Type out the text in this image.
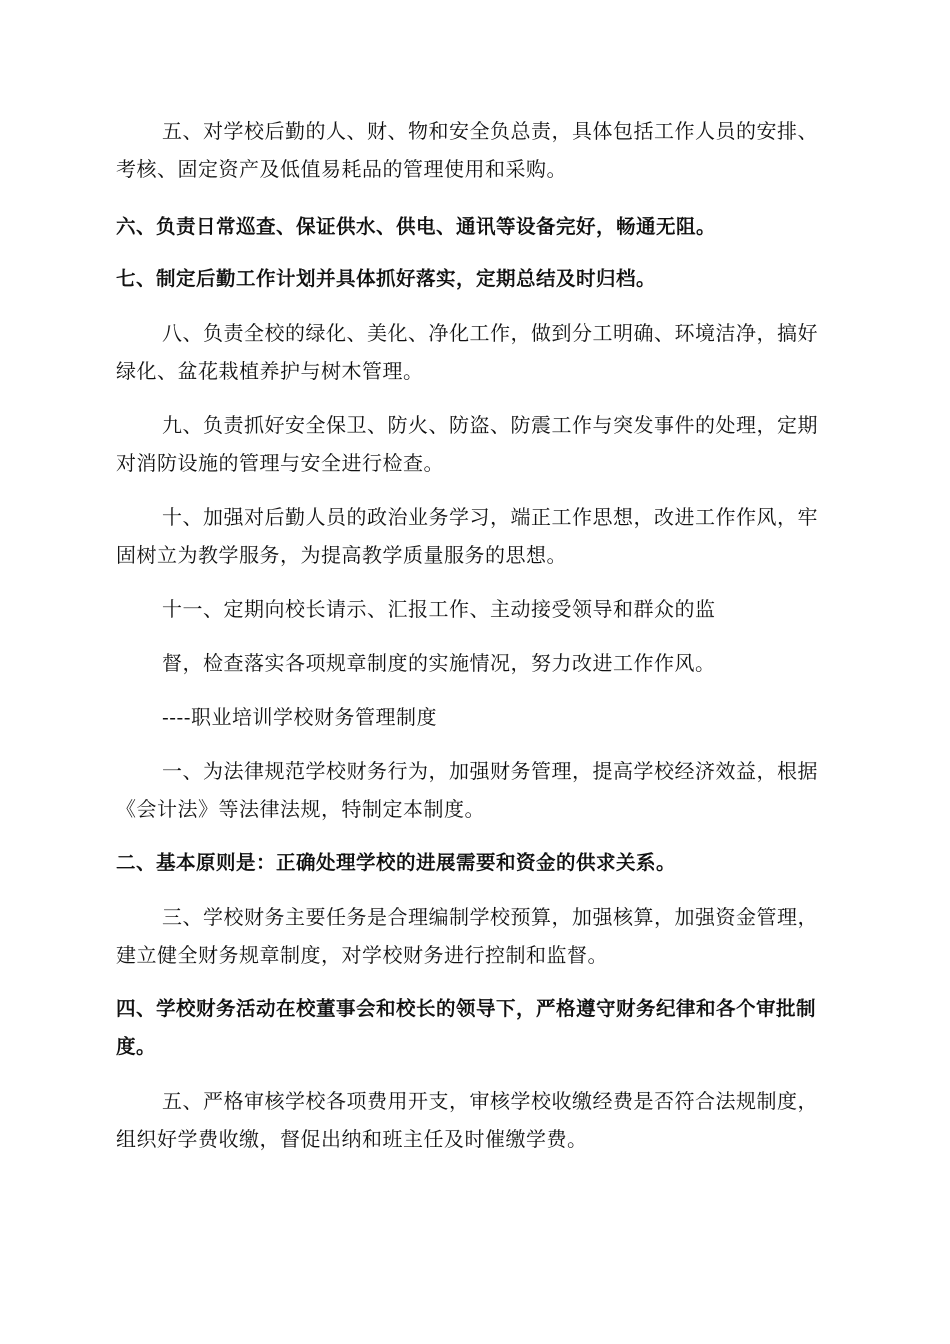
五、对学校后勤的人、财、物和安全负总责，具体包括工作人员的安排、考核、固定资产及低值易耗品的管理使用和采购。

六、负责日常巡查、保证供水、供电、通讯等设备完好，畅通无阻。

七、制定后勤工作计划并具体抓好落实，定期总结及时归档。

八、负责全校的绿化、美化、净化工作，做到分工明确、环境洁净，搞好绿化、盆花栽植养护与树木管理。

九、负责抓好安全保卫、防火、防盗、防震工作与突发事件的处理，定期对消防设施的管理与安全进行检查。

十、加强对后勤人员的政治业务学习，端正工作思想，改进工作作风，牢固树立为教学服务，为提高教学质量服务的思想。

十一、定期向校长请示、汇报工作、主动接受领导和群众的监

督，检查落实各项规章制度的实施情况，努力改进工作作风。

----职业培训学校财务管理制度

一、为法律规范学校财务行为，加强财务管理，提高学校经济效益，根据《会计法》等法律法规，特制定本制度。

二、基本原则是：正确处理学校的进展需要和资金的供求关系。

三、学校财务主要任务是合理编制学校预算，加强核算，加强资金管理，建立健全财务规章制度，对学校财务进行控制和监督。

四、学校财务活动在校董事会和校长的领导下，严格遵守财务纪律和各个审批制度。

五、严格审核学校各项费用开支，审核学校收缴经费是否符合法规制度，组织好学费收缴，督促出纳和班主任及时催缴学费。
